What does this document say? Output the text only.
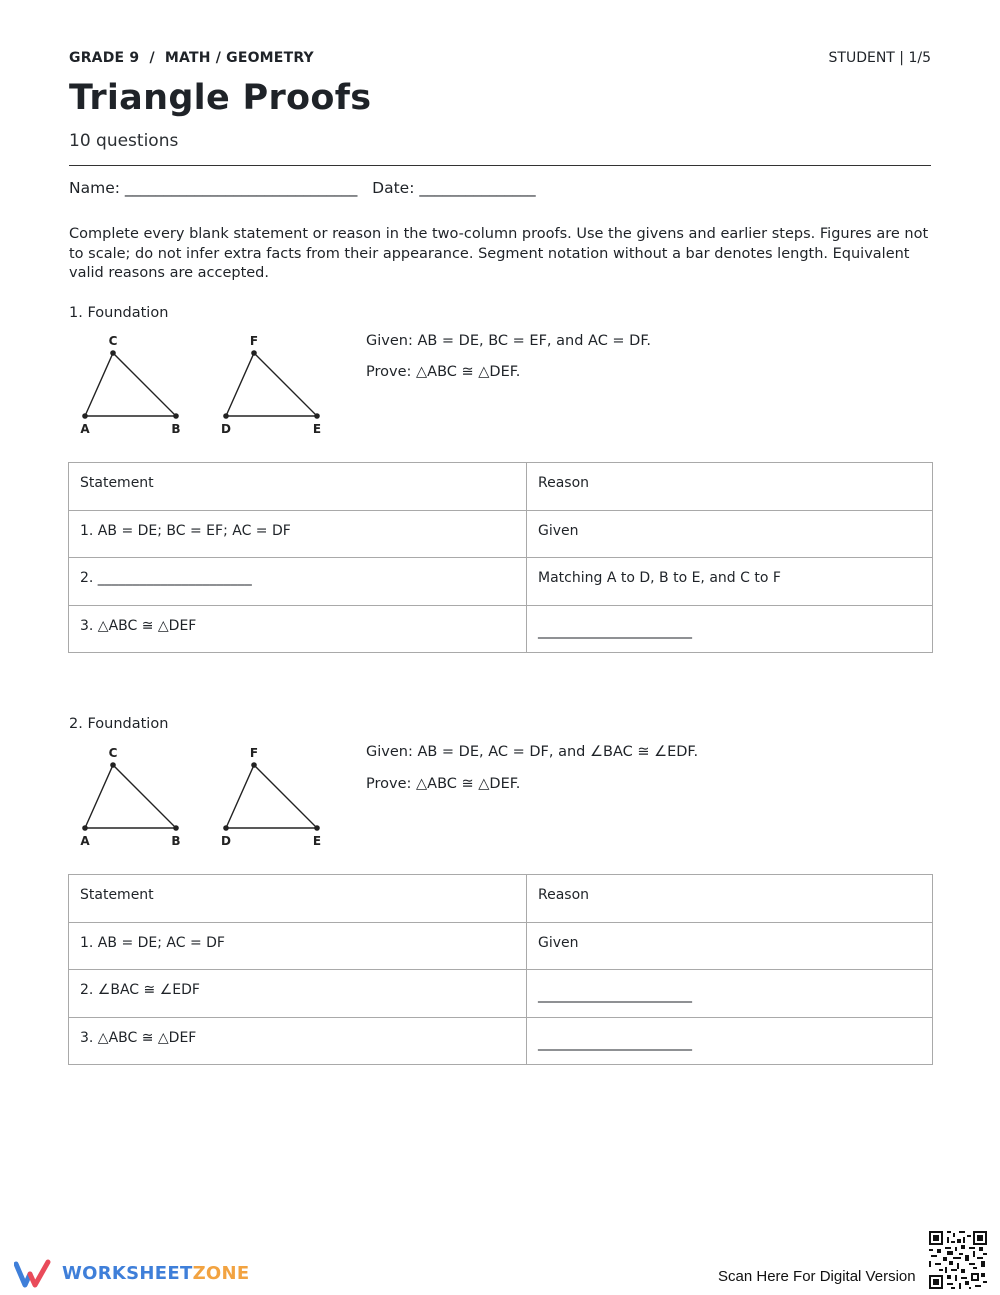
GRADE 9  /  MATH / GEOMETRY	STUDENT | 1/5
Triangle Proofs
10 questions
Name: ______________________________   Date: _______________
Complete every blank statement or reason in the two-column proofs. Use the givens and earlier steps. Figures are not to scale; do not infer extra facts from their appearance. Segment notation without a bar denotes length. Equivalent valid reasons are accepted.
1. Foundation
C
A	B
F
D	E
Given: AB = DE, BC = EF, and AC = DF.
Prove: △ABC ≅ △DEF.
Statement	Reason
1. AB = DE; BC = EF; AC = DF	Given
2. ______________________	Matching A to D, B to E, and C to F
3. △ABC ≅ △DEF	______________________
2. Foundation
C
A	B
F
D	E
Given: AB = DE, AC = DF, and ∠BAC ≅ ∠EDF.
Prove: △ABC ≅ △DEF.
Statement	Reason
1. AB = DE; AC = DF	Given
2. ∠BAC ≅ ∠EDF	______________________
3. △ABC ≅ △DEF	______________________
WORKSHEETZONE	Scan Here For Digital Version
